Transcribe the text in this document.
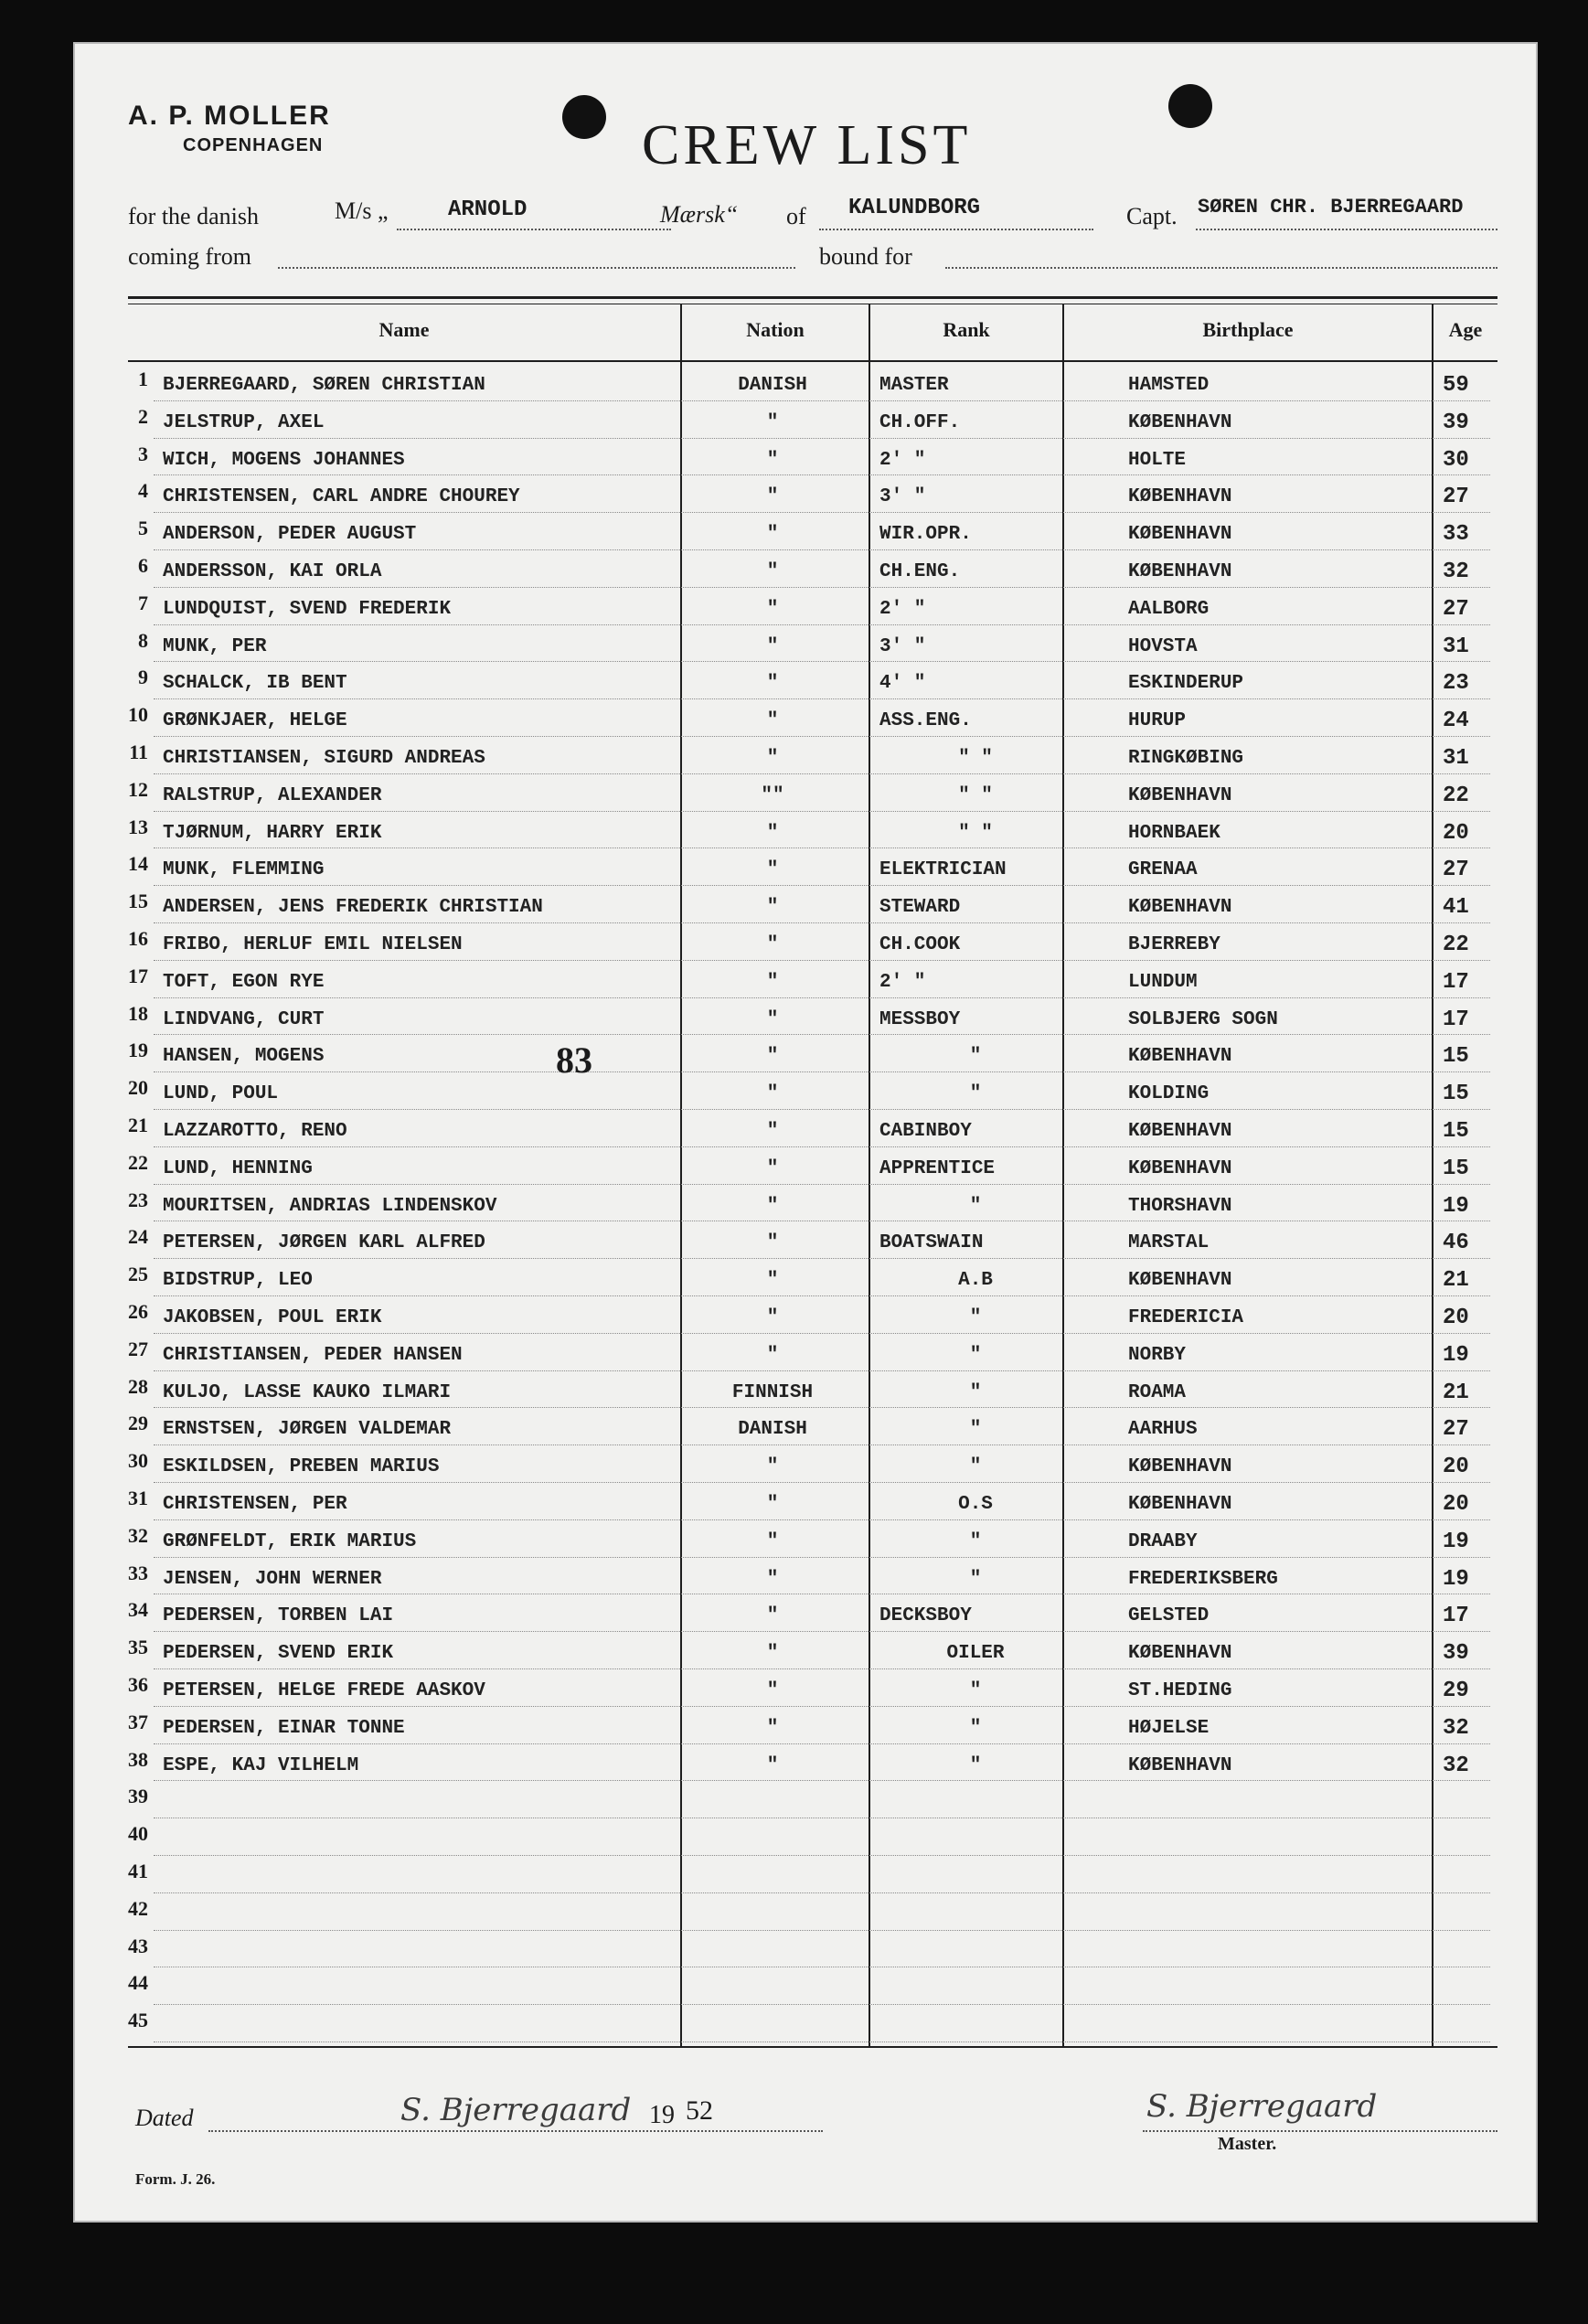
A. P. MOLLER
COPENHAGEN	CREW LIST
for the danish	M/s „	ARNOLD	Mærsk“ of KALUNDBORG	Capt. SØREN CHR. BJERREGAARD
coming from	bound for
Name	Nation	Rank	Birthplace	Age
1 BJERREGAARD, SØREN CHRISTIAN	DANISH	MASTER	HAMSTED	59
2 JELSTRUP, AXEL	"	CH.OFF.	KØBENHAVN	39
3 WICH, MOGENS JOHANNES	"	2' "	HOLTE	30
4 CHRISTENSEN, CARL ANDRE CHOUREY	"	3' "	KØBENHAVN	27
5 ANDERSON, PEDER AUGUST	"	WIR.OPR.	KØBENHAVN	33
6 ANDERSSON, KAI ORLA	"	CH.ENG.	KØBENHAVN	32
7 LUNDQUIST, SVEND FREDERIK	"	2' "	AALBORG	27
8 MUNK, PER	"	3' "	HOVSTA	31
9 SCHALCK, IB BENT	"	4' "	ESKINDERUP	23
10 GRØNKJAER, HELGE	"	ASS.ENG.	HURUP	24
11 CHRISTIANSEN, SIGURD ANDREAS	"	" "	RINGKØBING	31
12 RALSTRUP, ALEXANDER	""	" "	KØBENHAVN	22
13 TJØRNUM, HARRY ERIK	"	" "	HORNBAEK	20
14 MUNK, FLEMMING	"	ELEKTRICIAN	GRENAA	27
15 ANDERSEN, JENS FREDERIK CHRISTIAN	"	STEWARD	KØBENHAVN	41
16 FRIBO, HERLUF EMIL NIELSEN	"	CH.COOK	BJERREBY	22
17 TOFT, EGON RYE	"	2' "	LUNDUM	17
18 LINDVANG, CURT	"	MESSBOY	SOLBJERG SOGN	17
19 HANSEN, MOGENS	"	"	KØBENHAVN	15
20 LUND, POUL	"	"	KOLDING	15
21 LAZZAROTTO, RENO	"	CABINBOY	KØBENHAVN	15
22 LUND, HENNING	"	APPRENTICE	KØBENHAVN	15
23 MOURITSEN, ANDRIAS LINDENSKOV	"	"	THORSHAVN	19
24 PETERSEN, JØRGEN KARL ALFRED	"	BOATSWAIN	MARSTAL	46
25 BIDSTRUP, LEO	"	A.B	KØBENHAVN	21
26 JAKOBSEN, POUL ERIK	"	"	FREDERICIA	20
27 CHRISTIANSEN, PEDER HANSEN	"	"	NORBY	19
28 KULJO, LASSE KAUKO ILMARI	FINNISH	"	ROAMA	21
29 ERNSTSEN, JØRGEN VALDEMAR	DANISH	"	AARHUS	27
30 ESKILDSEN, PREBEN MARIUS	"	"	KØBENHAVN	20
31 CHRISTENSEN, PER	"	O.S	KØBENHAVN	20
32 GRØNFELDT, ERIK MARIUS	"	"	DRAABY	19
33 JENSEN, JOHN WERNER	"	"	FREDERIKSBERG	19
34 PEDERSEN, TORBEN LAI	"	DECKSBOY	GELSTED	17
35 PEDERSEN, SVEND ERIK	"	OILER	KØBENHAVN	39
36 PETERSEN, HELGE FREDE AASKOV	"	"	ST.HEDING	29
37 PEDERSEN, EINAR TONNE	"	"	HØJELSE	32
38 ESPE, KAJ VILHELM	"	"	KØBENHAVN	32
39
40
41
42
43
44
45
83
Dated	S. Bjerregaard 19 52	S. Bjerregaard
Master.
Form. J. 26.
